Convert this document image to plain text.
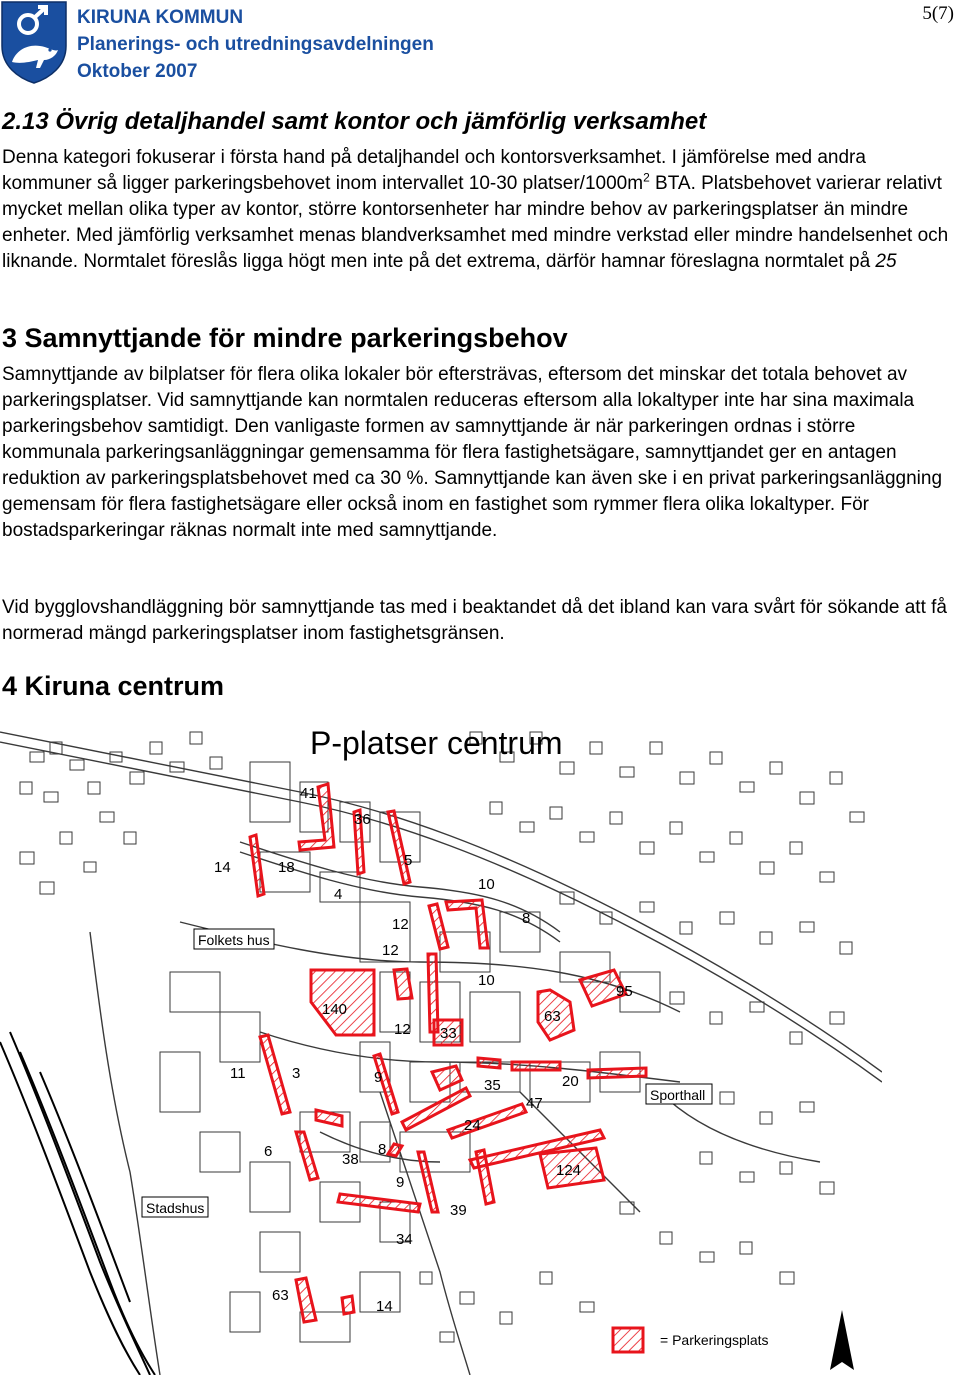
KIRUNA KOMMUN
Planerings- och utredningsavdelningen
Oktober 2007
5(7)
2.13 Övrig detaljhandel samt kontor och jämförlig verksamhet

Denna kategori fokuserar i första hand på detaljhandel och kontorsverksamhet. I jämförelse med andra kommuner så ligger parkeringsbehovet inom intervallet 10-30 platser/$1000m^2$ BTA. Platsbehovet varierar relativt mycket mellan olika typer av kontor, större kontorsenheter har mindre behov av parkeringsplatser än mindre enheter. Med jämförlig verksamhet menas blandverksamhet med mindre verkstad eller mindre handelsenhet och liknande. Normtalet föreslås ligga högt men inte på det extrema, därför hamnar föreslagna normtalet på 25

3 Samnyttjande för mindre parkeringsbehov

Samnyttjande av bilplatser för flera olika lokaler bör eftersträvas, eftersom det minskar det totala behovet av parkeringsplatser. Vid samnyttjande kan normtalen reduceras eftersom alla lokaltyper inte har sina maximala parkeringsbehov samtidigt. Den vanligaste formen av samnyttjande är när parkeringen ordnas i större kommunala parkeringsanläggningar gemensamma för flera fastighetsägare, samnyttjandet ger en antagen reduktion av parkeringsplatsbehovet med ca 30 %. Samnyttjande kan även ske i en privat parkeringsanläggning gemensam för flera fastighetsägare eller också inom en fastighet som rymmer flera olika lokaltyper. För bostadsparkeringar räknas normalt inte med samnyttjande.

Vid bygglovshandläggning bör samnyttjande tas med i beaktandet då det ibland kan vara svårt för sökande att få normerad mängd parkeringsplatser inom fastighetsgränsen.

4 Kiruna centrum
P-platser centrum
41
36
14	18	5
4
10
12	8
12
140
10
95
63
12 33
11	3	9	35	20
47
24
6	8
38
124
9
39
34
63
14
Folkets hus
Sporthall
Stadshus
= Parkeringsplats
